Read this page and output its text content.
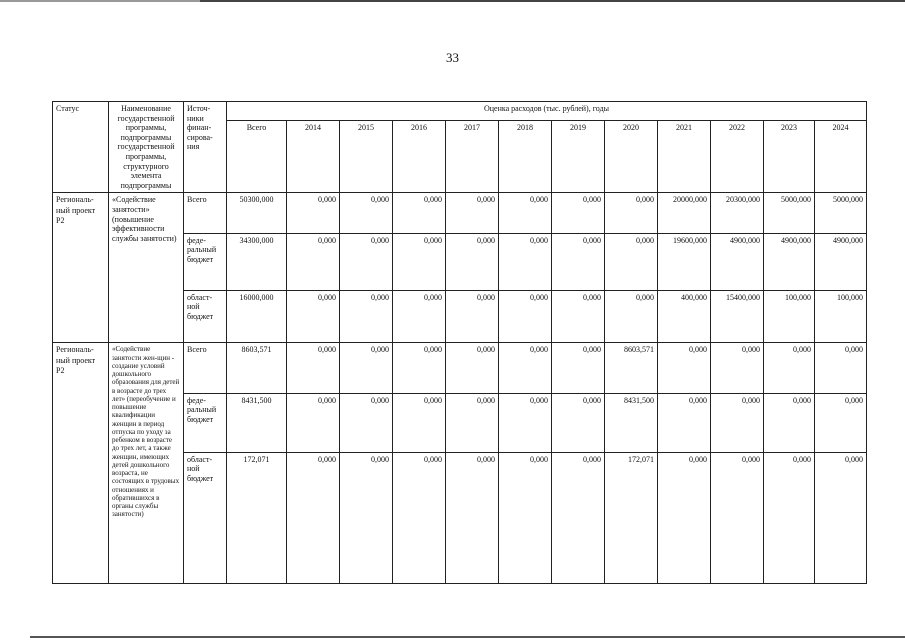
33
Статус	Наименование государственной программы, подпрограммы государственной программы, структурного элемента подпрограммы	Источ-ники финан-сирова-ния	Оценка расходов (тыс. рублей), годы											
			Всего	2014	2015	2016	2017	2018	2019	2020	2021	2022	2023	2024
Региональ-ный проект Р2	«Содействие занятости» (повышение эффективности службы занятости)	Всего	50300,000	0,000	0,000	0,000	0,000	0,000	0,000	0,000	20000,000	20300,000	5000,000	5000,000
		феде-ральный бюджет	34300,000	0,000	0,000	0,000	0,000	0,000	0,000	0,000	19600,000	4900,000	4900,000	4900,000
		област-ной бюджет	16000,000	0,000	0,000	0,000	0,000	0,000	0,000	0,000	400,000	15400,000	100,000	100,000
Региональ-ный проект Р2	«Содействие занятости жен-щин - создание условий дошкольного образования для детей в возрасте до трех лет» (переобучение и повышение квалификации женщин в период отпуска по уходу за ребенком в возрасте до трех лет, а также женщин, имеющих детей дошкольного возраста, не состоящих в трудовых отношениях и обратившихся в органы службы занятости)	Всего	8603,571	0,000	0,000	0,000	0,000	0,000	0,000	8603,571	0,000	0,000	0,000	0,000
		феде-ральный бюджет	8431,500	0,000	0,000	0,000	0,000	0,000	0,000	8431,500	0,000	0,000	0,000	0,000
		област-ной бюджет	172,071	0,000	0,000	0,000	0,000	0,000	0,000	172,071	0,000	0,000	0,000	0,000
